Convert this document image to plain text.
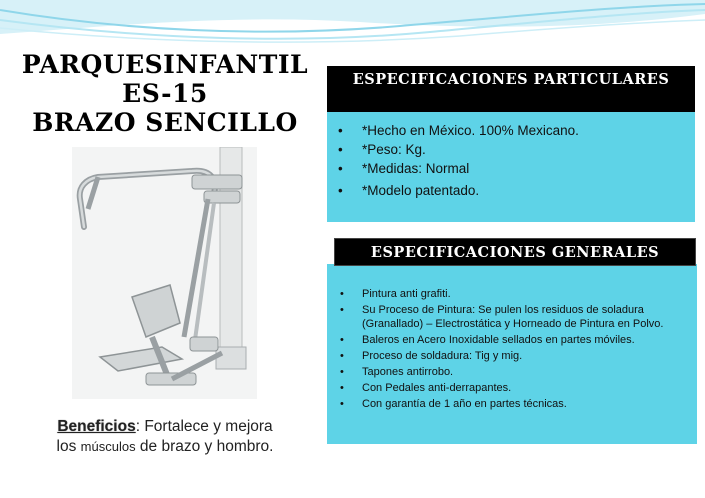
PARQUESINFANTIL
ES-15
BRAZO SENCILLO
Beneficios: Fortalece y mejora
los músculos de brazo y hombro.
ESPECIFICACIONES PARTICULARES
• *Hecho en México. 100% Mexicano.
• *Peso: Kg.
• *Medidas: Normal
• *Modelo patentado.
ESPECIFICACIONES GENERALES
• Pintura anti grafiti.
• Su Proceso de Pintura: Se pulen los residuos de soladura (Granallado) – Electrostática y Horneado de Pintura en Polvo.
• Baleros en Acero Inoxidable sellados en partes móviles.
• Proceso de soldadura: Tig y mig.
• Tapones antirrobo.
• Con Pedales anti-derrapantes.
• Con garantía de 1 año en partes técnicas.
